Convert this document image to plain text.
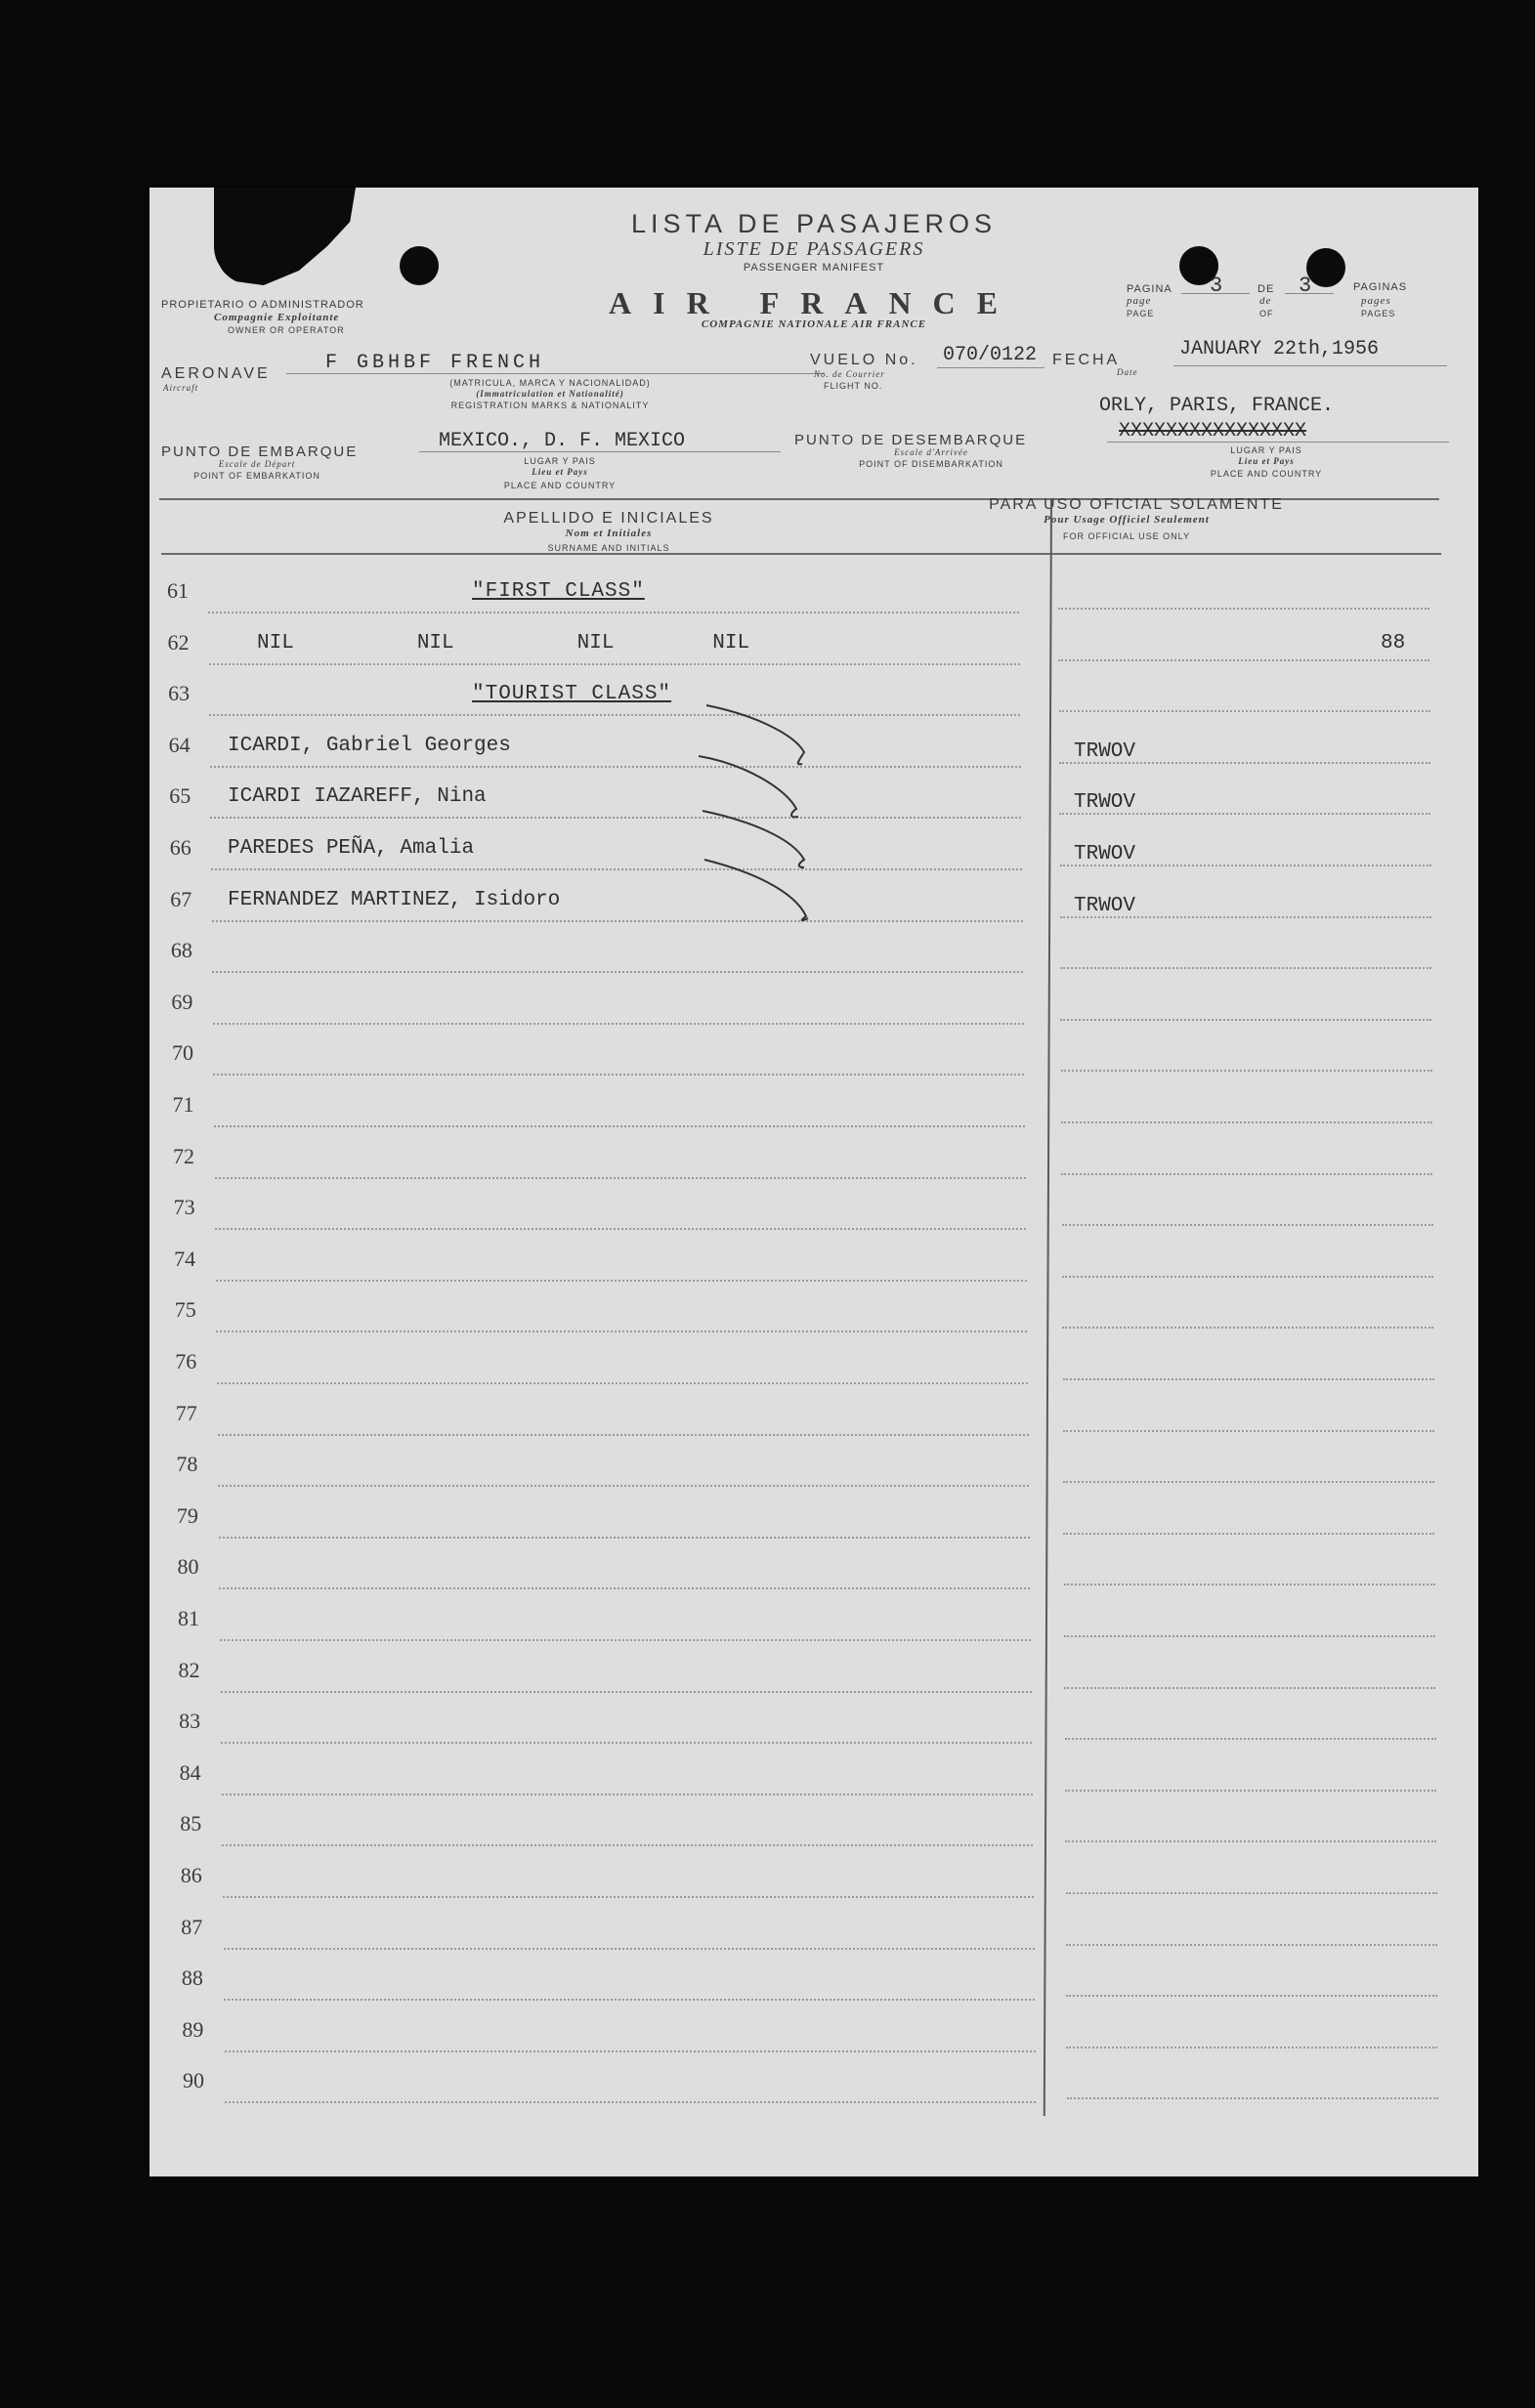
LISTA DE PASAJEROS
LISTE DE PASSAGERS
PASSENGER MANIFEST
AIR FRANCE
COMPAGNIE NATIONALE AIR FRANCE
PROPIETARIO O ADMINISTRADOR
Compagnie Exploitante
OWNER OR OPERATOR
PAGINA
page
PAGE
3	DE
de
OF
3	PAGINAS
pages
PAGES
AERONAVE
Aircraft
F GBHBF FRENCH
(MATRICULA, MARCA Y NACIONALIDAD)
(Immatriculation et Nationalité)
REGISTRATION MARKS & NATIONALITY
VUELO No.
No. de Courrier
FLIGHT NO.
070/0122 FECHA
Date
JANUARY 22th,1956
ORLY, PARIS, FRANCE.
PUNTO DE EMBARQUE
Escale de Départ
POINT OF EMBARKATION
MEXICO., D. F. MEXICO
LUGAR Y PAIS
Lieu et Pays
PLACE AND COUNTRY
PUNTO DE DESEMBARQUE
Escale d'Arrivée
POINT OF DISEMBARKATION
XXXXXXXXXXXXXXXX
LUGAR Y PAIS
Lieu et Pays
PLACE AND COUNTRY
APELLIDO E INICIALES
Nom et Initiales
SURNAME AND INITIALS
PARA USO OFICIAL SOLAMENTE
Pour Usage Officiel Seulement
FOR OFFICIAL USE ONLY
61	"FIRST CLASS"
62	NIL          NIL          NIL        NIL	88
63	"TOURIST CLASS"
64	ICARDI, Gabriel Georges	TRWOV
65	ICARDI IAZAREFF, Nina	TRWOV
66	PAREDES PEÑA, Amalia	TRWOV
67	FERNANDEZ MARTINEZ, Isidoro	TRWOV
68
69
70
71
72
73
74
75
76
77
78
79
80
81
82
83
84
85
86
87
88
89
90
